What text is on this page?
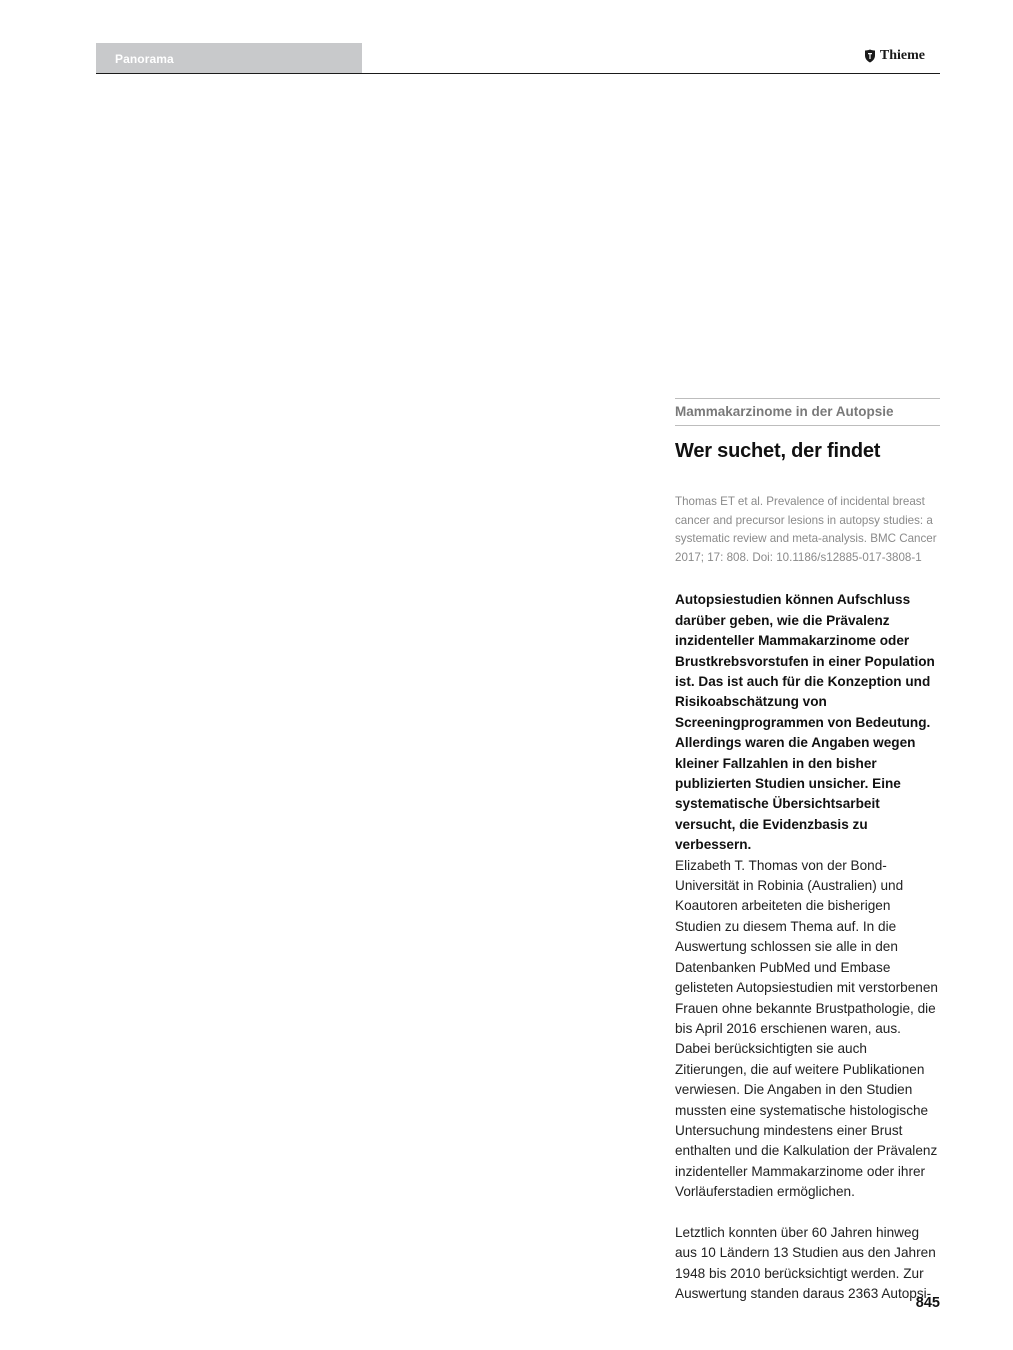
Panorama	Thieme
Mammakarzinome in der Autopsie
Wer suchet, der findet
Thomas ET et al. Prevalence of incidental breast cancer and precursor lesions in autopsy studies: a systematic review and meta-analysis. BMC Cancer 2017; 17: 808. Doi: 10.1186/s12885-017-3808-1
Autopsiestudien können Aufschluss darüber geben, wie die Prävalenz inzidenteller Mammakarzinome oder Brustkrebsvorstufen in einer Population ist. Das ist auch für die Konzeption und Risikoabschätzung von Screeningprogrammen von Bedeutung. Allerdings waren die Angaben wegen kleiner Fallzahlen in den bisher publizierten Studien unsicher. Eine systematische Übersichtsarbeit versucht, die Evidenzbasis zu verbessern.

Elizabeth T. Thomas von der Bond-Universität in Robinia (Australien) und Koautoren arbeiteten die bisherigen Studien zu diesem Thema auf. In die Auswertung schlossen sie alle in den Datenbanken PubMed und Embase gelisteten Autopsiestudien mit verstorbenen Frauen ohne bekannte Brustpathologie, die bis April 2016 erschienen waren, aus. Dabei berücksichtigten sie auch Zitierungen, die auf weitere Publikationen verwiesen. Die Angaben in den Studien mussten eine systematische histologische Untersuchung mindestens einer Brust enthalten und die Kalkulation der Prävalenz inzidenteller Mammakarzinome oder ihrer Vorläuferstadien ermöglichen.

Letztlich konnten über 60 Jahren hinweg aus 10 Ländern 13 Studien aus den Jahren 1948 bis 2010 berücksichtigt werden. Zur Auswertung standen daraus 2363 Autopsi-

845
